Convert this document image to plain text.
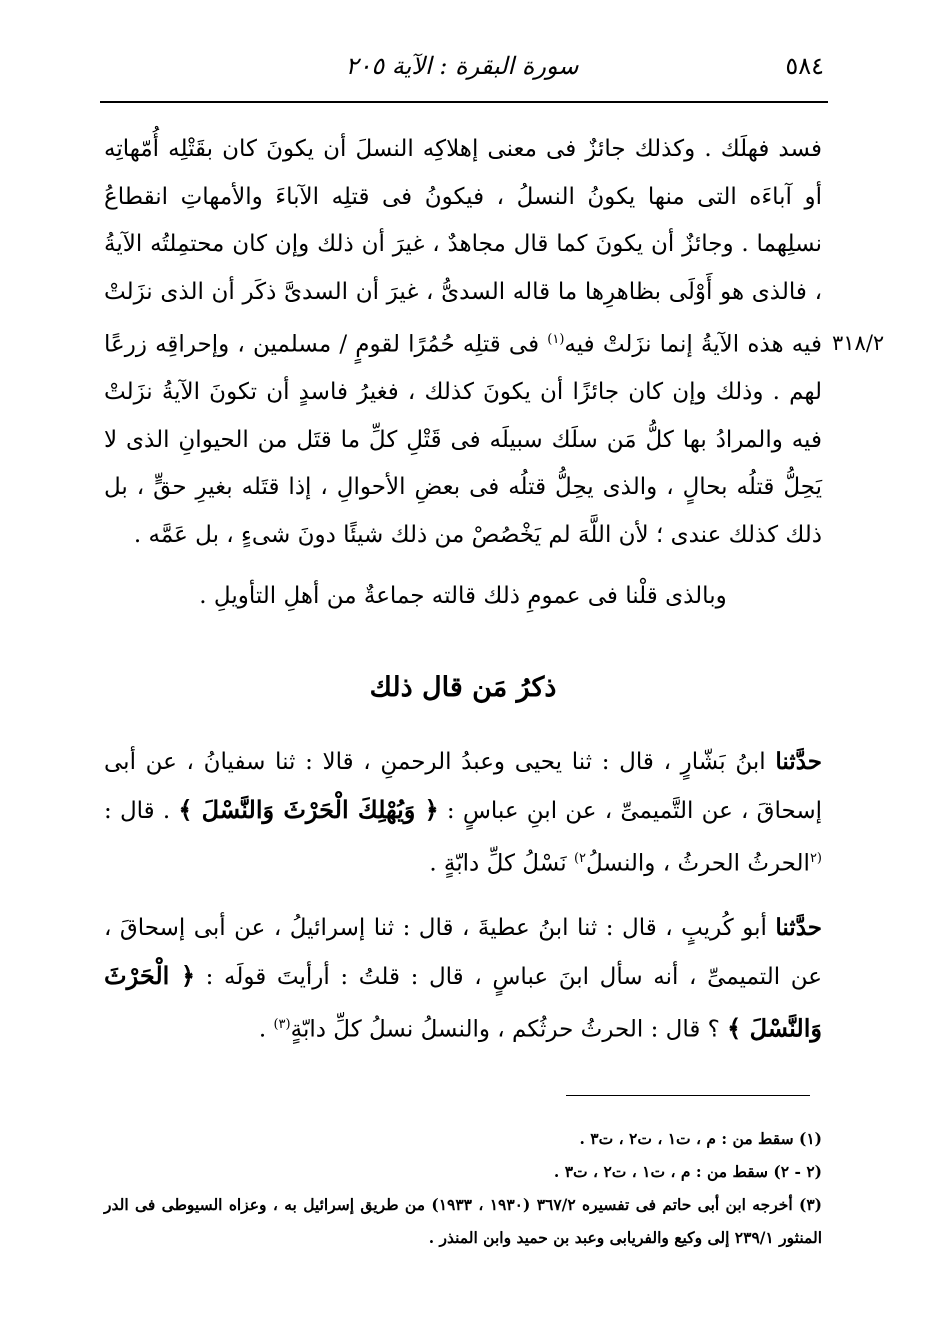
٥٨٤
سورة البقرة : الآية ٢٠٥
٣١٨/٢

فسد فهلَك . وكذلك جائزٌ فى معنى إهلاكِه النسلَ أن يكونَ كان بقَتْلِه أُمّهاتِه أو آباءَه التى منها يكونُ النسلُ ، فيكونُ فى قتلِه الآباءَ والأمهاتِ انقطاعُ نسلِهما . وجائزٌ أن يكونَ كما قال مجاهدٌ ، غيرَ أن ذلك وإن كان محتمِلتُه الآيةُ ، فالذى هو أَوْلَى بظاهرِها ما قاله السدىُّ ، غيرَ أن السدىَّ ذكَر أن الذى نزَلتْ فيه هذه الآيةُ إنما نزَلتْ فيه$^{(١)}$ فى قتلِه حُمُرًا لقومٍ / مسلمين ، وإحراقِه زرعًا لهم . وذلك وإن كان جائزًا أن يكونَ كذلك ، فغيرُ فاسدٍ أن تكونَ الآيةُ نزَلتْ فيه والمرادُ بها كلُّ مَن سلَك سبيلَه فى قَتْلِ كلِّ ما قتَل من الحيوانِ الذى لا يَحِلُّ قتلُه بحالٍ ، والذى يحِلُّ قتلُه فى بعضِ الأحوالِ ، إذا قتَله بغيرِ حقٍّ ، بل ذلك كذلك عندى ؛ لأن اللَّهَ لم يَخْصُصْ من ذلك شيئًا دونَ شىءٍ ، بل عَمَّه .

وبالذى قلْنا فى عمومِ ذلك قالته جماعةٌ من أهلِ التأويلِ .

ذكرُ مَن قال ذلك

حدَّثنا ابنُ بَشّارٍ ، قال : ثنا يحيى وعبدُ الرحمنِ ، قالا : ثنا سفيانُ ، عن أبى إسحاقَ ، عن التَّميمىِّ ، عن ابنِ عباسٍ : ﴿ وَيُهْلِكَ الْحَرْثَ وَالنَّسْلَ ﴾ . قال : $^{(٢}$الحرثُ الحرثُ ، والنسلُ$^{٢)}$ نَسْلُ كلِّ دابّةٍ .

حدَّثنا أبو كُريبٍ ، قال : ثنا ابنُ عطيةَ ، قال : ثنا إسرائيلُ ، عن أبى إسحاقَ ، عن التميمىِّ ، أنه سأل ابنَ عباسٍ ، قال : قلتُ : أرأيتَ قولَه : ﴿ الْحَرْثَ وَالنَّسْلَ ﴾ ؟ قال : الحرثُ حرثُكم ، والنسلُ نسلُ كلِّ دابّةٍ$^{(٣)}$ .

(١) سقط من : م ، ت١ ، ت٢ ، ت٣ .

(٢ - ٢) سقط من : م ، ت١ ، ت٢ ، ت٣ .

(٣) أخرجه ابن أبى حاتم فى تفسيره ٣٦٧/٢ (١٩٣٠ ، ١٩٣٣) من طريق إسرائيل به ، وعزاه السيوطى فى الدر المنثور ٢٣٩/١ إلى وكيع والفريابى وعبد بن حميد وابن المنذر .
